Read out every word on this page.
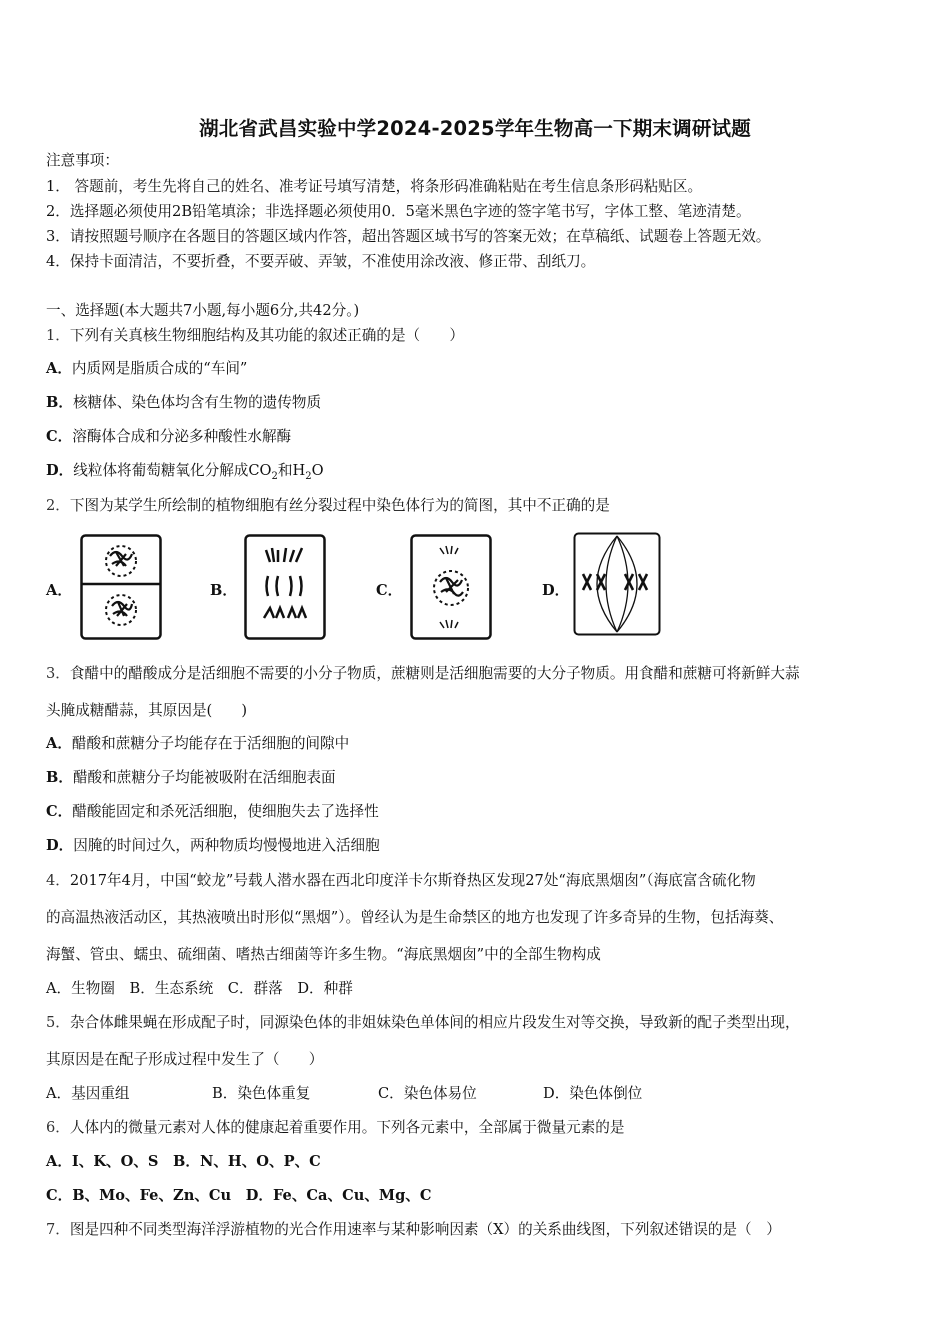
湖北省武昌实验中学2024-2025学年生物高一下期末调研试题
注意事项：
1． 答题前，考生先将自己的姓名、准考证号填写清楚，将条形码准确粘贴在考生信息条形码粘贴区。
2．选择题必须使用2B铅笔填涂；非选择题必须使用0．5毫米黑色字迹的签字笔书写，字体工整、笔迹清楚。
3．请按照题号顺序在各题目的答题区域内作答，超出答题区域书写的答案无效；在草稿纸、试题卷上答题无效。
4．保持卡面清洁，不要折叠，不要弄破、弄皱，不准使用涂改液、修正带、刮纸刀。
一、选择题(本大题共7小题,每小题6分,共42分。)
1．下列有关真核生物细胞结构及其功能的叙述正确的是（　　）
A．内质网是脂质合成的“车间”
B．核糖体、染色体均含有生物的遗传物质
C．溶酶体合成和分泌多种酸性水解酶
D．线粒体将葡萄糖氧化分解成$CO_2$和$H_2O$
2．下图为某学生所绘制的植物细胞有丝分裂过程中染色体行为的简图，其中不正确的是
A．	B．	C．	D．
3．食醋中的醋酸成分是活细胞不需要的小分子物质，蔗糖则是活细胞需要的大分子物质。用食醋和蔗糖可将新鲜大蒜
头腌成糖醋蒜，其原因是(　　)
A．醋酸和蔗糖分子均能存在于活细胞的间隙中
B．醋酸和蔗糖分子均能被吸附在活细胞表面
C．醋酸能固定和杀死活细胞，使细胞失去了选择性
D．因腌的时间过久，两种物质均慢慢地进入活细胞
4．2017年4月，中国“蛟龙”号载人潜水器在西北印度洋卡尔斯脊热区发现27处“海底黑烟囱”（海底富含硫化物
的高温热液活动区，其热液喷出时形似“黑烟”）。曾经认为是生命禁区的地方也发现了许多奇异的生物，包括海葵、
海蟹、管虫、蠕虫、硫细菌、嗜热古细菌等许多生物。“海底黑烟囱”中的全部生物构成
A．生物圈　B．生态系统　C．群落　D．种群
5．杂合体雌果蝇在形成配子时，同源染色体的非姐妹染色单体间的相应片段发生对等交换，导致新的配子类型出现，
其原因是在配子形成过程中发生了（　　）
A．基因重组	B．染色体重复	C．染色体易位	D．染色体倒位
6．人体内的微量元素对人体的健康起着重要作用。下列各元素中，全部属于微量元素的是
A．I、K、O、S　B．N、H、O、P、C
C．B、Mo、Fe、Zn、Cu　D．Fe、Ca、Cu、Mg、C
7．图是四种不同类型海洋浮游植物的光合作用速率与某种影响因素（X）的关系曲线图，下列叙述错误的是（　）
